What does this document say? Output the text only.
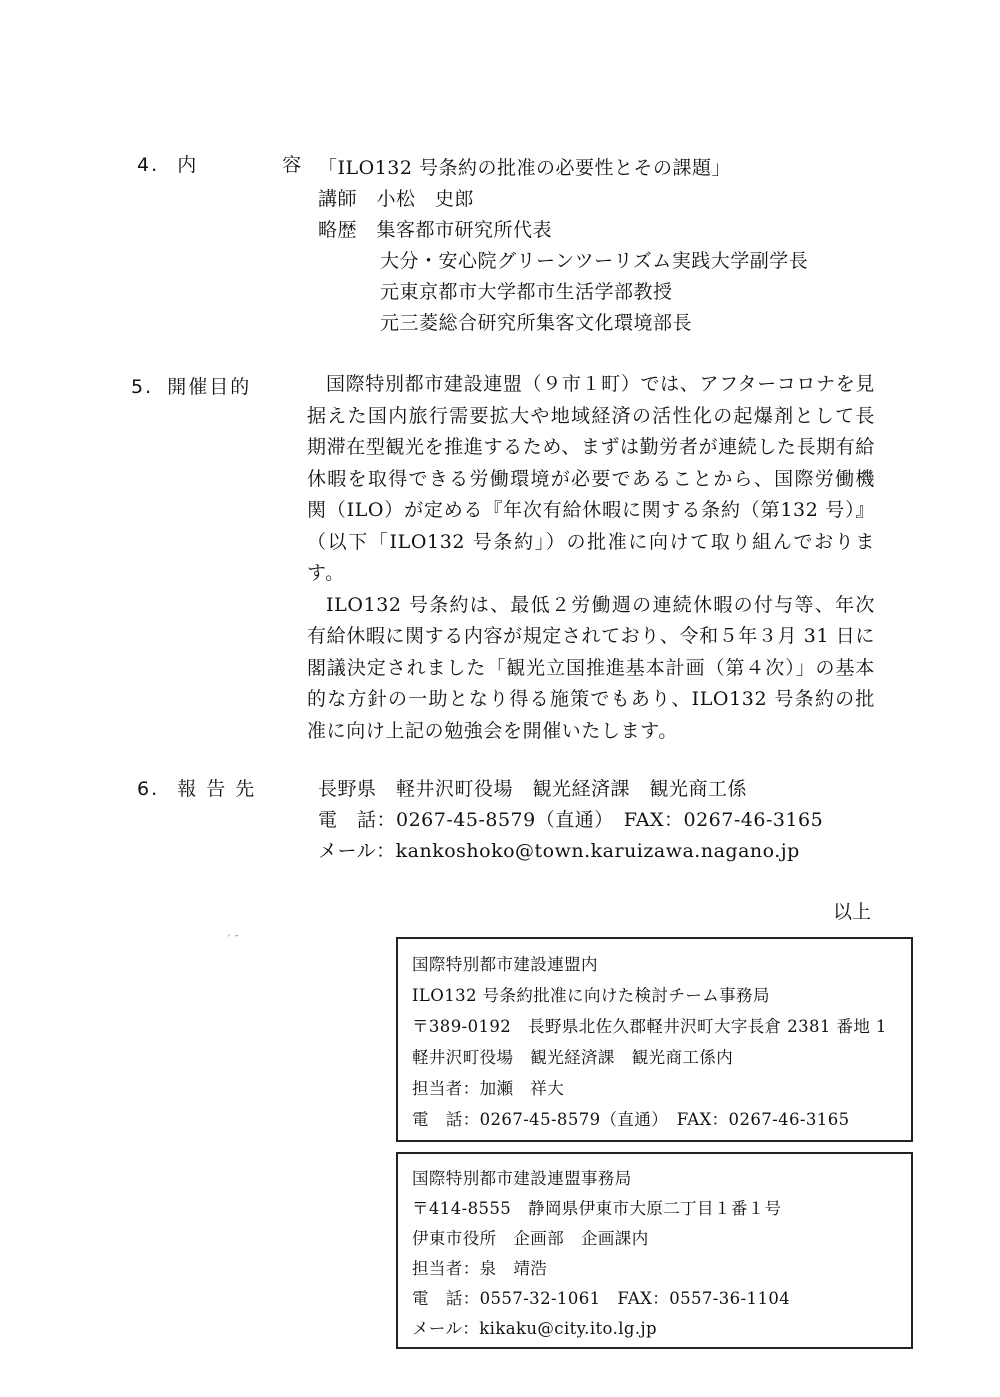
4. 内 容
「ILO132 号条約の批准の必要性とその課題」
講師　小松　史郎
略歴　集客都市研究所代表
大分・安心院グリーンツーリズム実践大学副学長
元東京都市大学都市生活学部教授
元三菱総合研究所集客文化環境部長
5. 開催目的	国際特別都市建設連盟（９市１町）では、アフターコロナを見据えた国内旅行需要拡大や地域経済の活性化の起爆剤として長期滞在型観光を推進するため、まずは勤労者が連続した長期有給休暇を取得できる労働環境が必要であることから、国際労働機関（ILO）が定める『年次有給休暇に関する条約（第132 号）』（以下「ILO132 号条約」）の批准に向けて取り組んでおります。

ILO132 号条約は、最低２労働週の連続休暇の付与等、年次有給休暇に関する内容が規定されており、令和５年３月 31 日に閣議決定されました「観光立国推進基本計画（第４次）」の基本的な方針の一助となり得る施策でもあり、ILO132 号条約の批准に向け上記の勉強会を開催いたします。

6. 報 告 先	長野県　軽井沢町役場　観光経済課　観光商工係
電　話：0267-45-8579（直通）　FAX：0267-46-3165
メール：kankoshoko@town.karuizawa.nagano.jp
以上
ˊ ˉ
国際特別都市建設連盟内
ILO132 号条約批准に向けた検討チーム事務局
〒389-0192　長野県北佐久郡軽井沢町大字長倉 2381 番地 1
軽井沢町役場　観光経済課　観光商工係内
担当者：加瀬　祥大
電　話：0267-45-8579（直通）　FAX：0267-46-3165
国際特別都市建設連盟事務局
〒414-8555　静岡県伊東市大原二丁目１番１号
伊東市役所　企画部　企画課内
担当者：泉　靖浩
電　話：0557-32-1061　FAX：0557-36-1104
メール：kikaku@city.ito.lg.jp
